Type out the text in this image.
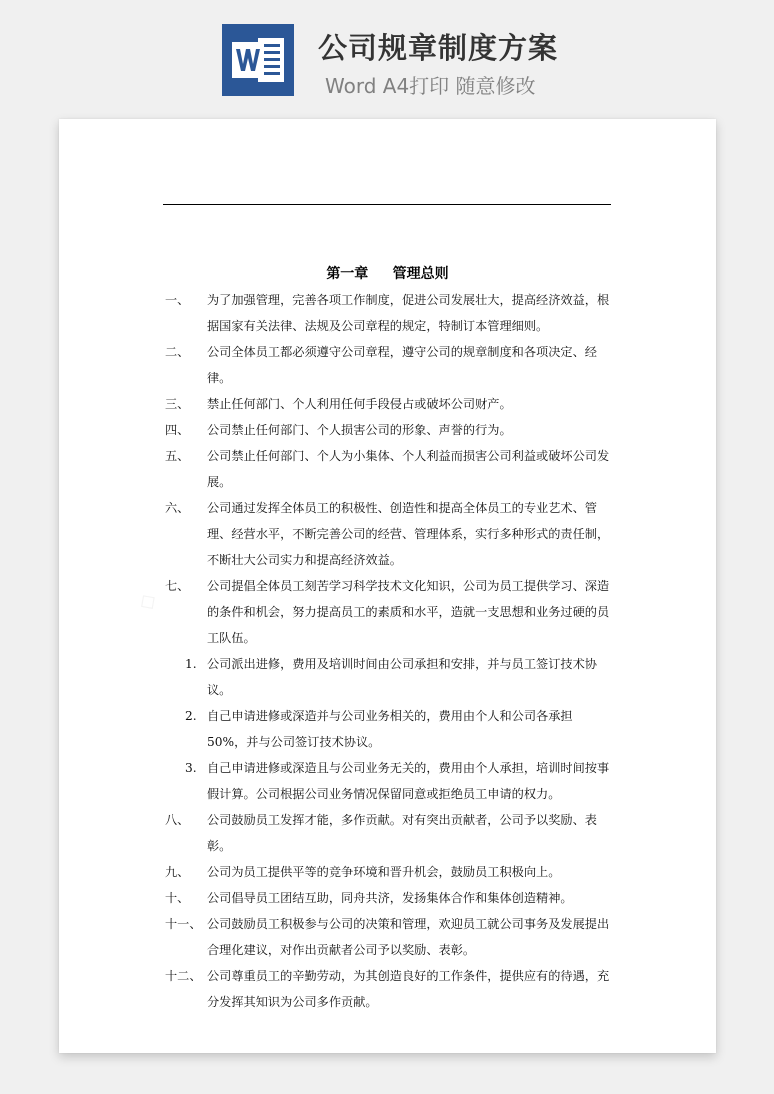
公司规章制度方案
Word A4打印 随意修改
◇
第一章     管理总则
一、	为了加强管理，完善各项工作制度，促进公司发展壮大，提高经济效益，根据国家有关法律、法规及公司章程的规定，特制订本管理细则。
二、	公司全体员工都必须遵守公司章程，遵守公司的规章制度和各项决定、经律。
三、	禁止任何部门、个人利用任何手段侵占或破坏公司财产。
四、	公司禁止任何部门、个人损害公司的形象、声誉的行为。
五、	公司禁止任何部门、个人为小集体、个人利益而损害公司利益或破坏公司发展。
六、	公司通过发挥全体员工的积极性、创造性和提高全体员工的专业艺术、管理、经营水平，不断完善公司的经营、管理体系，实行多种形式的责任制，不断壮大公司实力和提高经济效益。
七、	公司提倡全体员工刻苦学习科学技术文化知识，公司为员工提供学习、深造的条件和机会，努力提高员工的素质和水平，造就一支思想和业务过硬的员工队伍。
1. 公司派出进修，费用及培训时间由公司承担和安排，并与员工签订技术协议。
2. 自己申请进修或深造并与公司业务相关的，费用由个人和公司各承担 50%，并与公司签订技术协议。
3. 自己申请进修或深造且与公司业务无关的，费用由个人承担，培训时间按事假计算。公司根据公司业务情况保留同意或拒绝员工申请的权力。
八、	公司鼓励员工发挥才能，多作贡献。对有突出贡献者，公司予以奖励、表彰。
九、	公司为员工提供平等的竞争环境和晋升机会，鼓励员工积极向上。
十、	公司倡导员工团结互助，同舟共济，发扬集体合作和集体创造精神。
十一、 公司鼓励员工积极参与公司的决策和管理，欢迎员工就公司事务及发展提出合理化建议，对作出贡献者公司予以奖励、表彰。
十二、 公司尊重员工的辛勤劳动，为其创造良好的工作条件，提供应有的待遇，充分发挥其知识为公司多作贡献。
